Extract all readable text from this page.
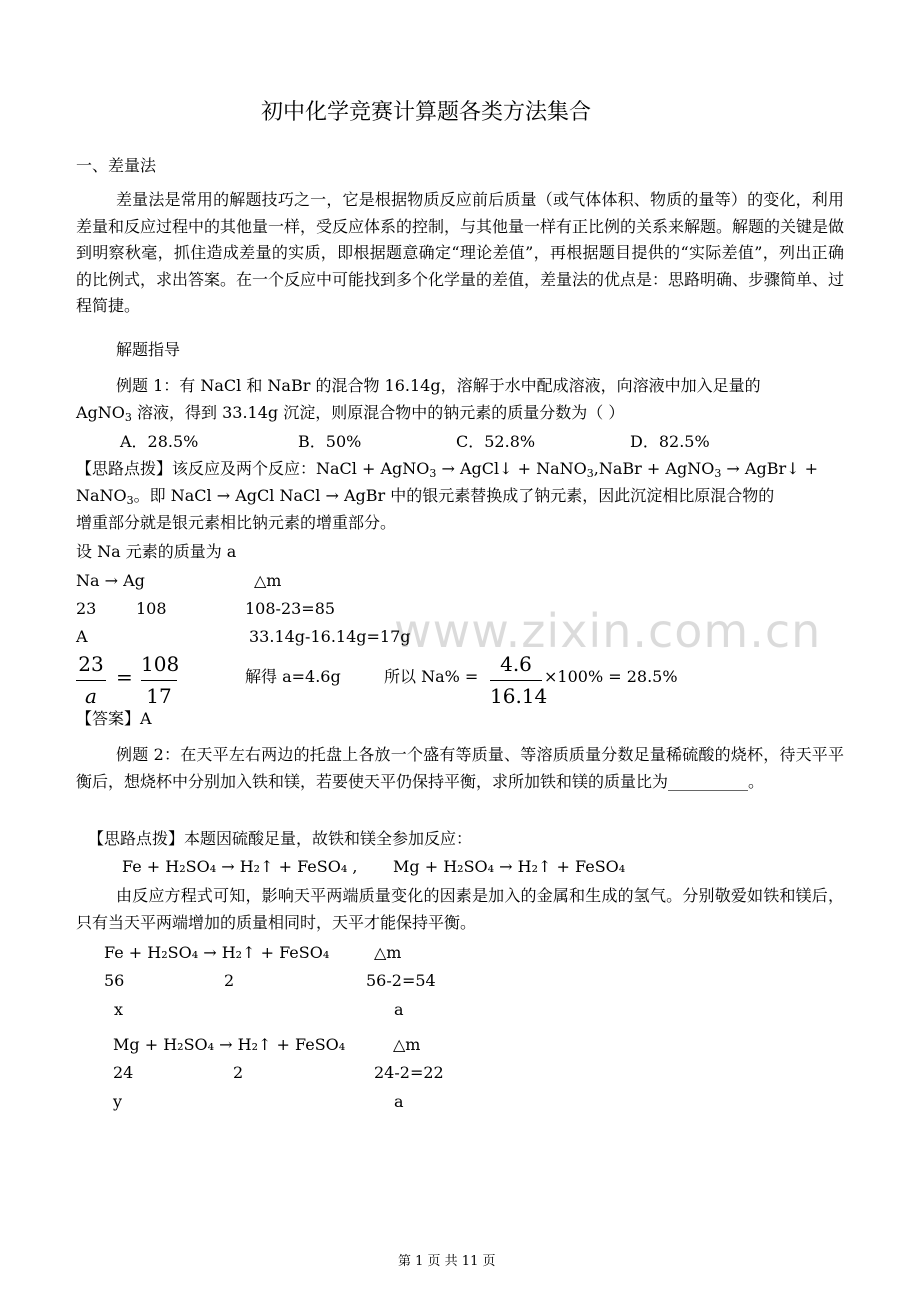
初中化学竞赛计算题各类方法集合
一、差量法
差量法是常用的解题技巧之一，它是根据物质反应前后质量（或气体体积、物质的量等）的变化，利用差量和反应过程中的其他量一样，受反应体系的控制，与其他量一样有正比例的关系来解题。解题的关键是做到明察秋毫，抓住造成差量的实质，即根据题意确定“理论差值”，再根据题目提供的“实际差值”，列出正确的比例式，求出答案。在一个反应中可能找到多个化学量的差值，差量法的优点是：思路明确、步骤简单、过程简捷。
解题指导
例题 1：有 NaCl 和 NaBr 的混合物 16.14g，溶解于水中配成溶液，向溶液中加入足量的
AgNO$_3$ 溶液，得到 33.14g 沉淀，则原混合物中的钠元素的质量分数为（ ）
A．28.5%	B．50%	C．52.8%	D．82.5%
【思路点拨】该反应及两个反应：NaCl + AgNO$_3$ → AgCl↓ + NaNO$_3$,NaBr + AgNO$_3$ → AgBr↓ +
NaNO$_3$。即 NaCl → AgCl NaCl → AgBr 中的银元素替换成了钠元素，因此沉淀相比原混合物的
增重部分就是银元素相比钠元素的增重部分。
设 Na 元素的质量为 a
Na → Ag	△m
23 108	108-23=85
A	33.14g-16.14g=17g
23
a
=
108
17
解得 a=4.6g	所以 Na% =
4.6
16.14
×100% = 28.5%
【答案】A
www.zixin.com.cn
例题 2：在天平左右两边的托盘上各放一个盛有等质量、等溶质质量分数足量稀硫酸的烧杯，待天平平衡后，想烧杯中分别加入铁和镁，若要使天平仍保持平衡，求所加铁和镁的质量比为__________。
【思路点拨】本题因硫酸足量，故铁和镁全参加反应：
Fe + H₂SO₄ → H₂↑ + FeSO₄ , Mg + H₂SO₄ → H₂↑ + FeSO₄
由反应方程式可知，影响天平两端质量变化的因素是加入的金属和生成的氢气。分别敬爱如铁和镁后，只有当天平两端增加的质量相同时，天平才能保持平衡。
Fe + H₂SO₄ → H₂↑ + FeSO₄	△m
56	2	56-2=54
x	a
Mg + H₂SO₄ → H₂↑ + FeSO₄	△m
24	2	24-2=22
y	a
第 1 页 共 11 页
